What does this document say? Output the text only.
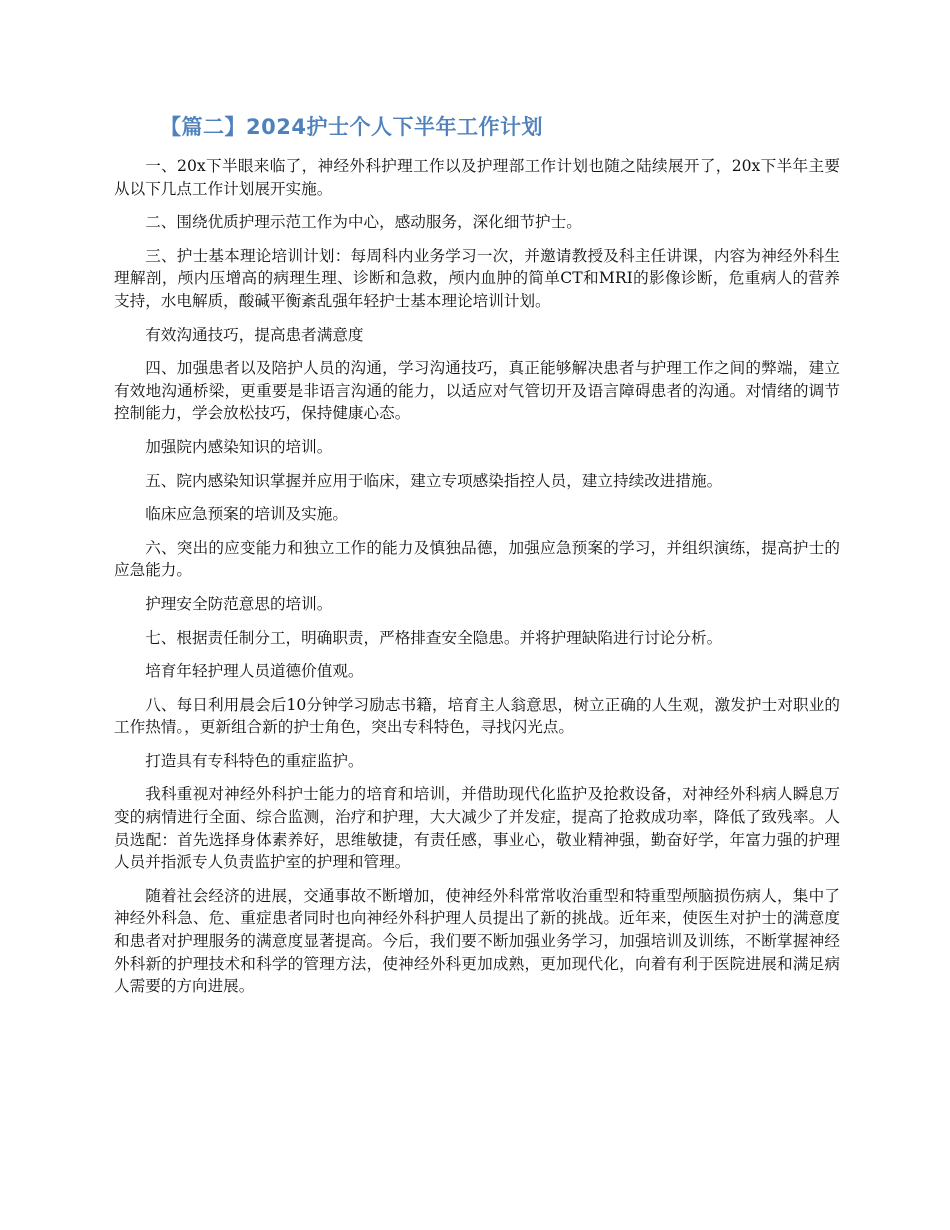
【篇二】2024护士个人下半年工作计划

一、20x下半眼来临了，神经外科护理工作以及护理部工作计划也随之陆续展开了，20x下半年主要从以下几点工作计划展开实施。

二、围绕优质护理示范工作为中心，感动服务，深化细节护士。

三、护士基本理论培训计划：每周科内业务学习一次，并邀请教授及科主任讲课，内容为神经外科生理解剖，颅内压增高的病理生理、诊断和急救，颅内血肿的简单CT和MRI的影像诊断，危重病人的营养支持，水电解质，酸碱平衡紊乱强年轻护士基本理论培训计划。

有效沟通技巧，提高患者满意度

四、加强患者以及陪护人员的沟通，学习沟通技巧，真正能够解决患者与护理工作之间的弊端，建立有效地沟通桥梁，更重要是非语言沟通的能力，以适应对气管切开及语言障碍患者的沟通。对情绪的调节控制能力，学会放松技巧，保持健康心态。

加强院内感染知识的培训。

五、院内感染知识掌握并应用于临床，建立专项感染指控人员，建立持续改进措施。

临床应急预案的培训及实施。

六、突出的应变能力和独立工作的能力及慎独品德，加强应急预案的学习，并组织演练，提高护士的应急能力。

护理安全防范意思的培训。

七、根据责任制分工，明确职责，严格排查安全隐患。并将护理缺陷进行讨论分析。

培育年轻护理人员道德价值观。

八、每日利用晨会后10分钟学习励志书籍，培育主人翁意思，树立正确的人生观，激发护士对职业的工作热情。，更新组合新的护士角色，突出专科特色，寻找闪光点。

打造具有专科特色的重症监护。

我科重视对神经外科护士能力的培育和培训，并借助现代化监护及抢救设备，对神经外科病人瞬息万变的病情进行全面、综合监测，治疗和护理，大大减少了并发症，提高了抢救成功率，降低了致残率。人员选配：首先选择身体素养好，思维敏捷，有责任感，事业心，敬业精神强，勤奋好学，年富力强的护理人员并指派专人负责监护室的护理和管理。

随着社会经济的进展，交通事故不断增加，使神经外科常常收治重型和特重型颅脑损伤病人，集中了神经外科急、危、重症患者同时也向神经外科护理人员提出了新的挑战。近年来，使医生对护士的满意度和患者对护理服务的满意度显著提高。今后，我们要不断加强业务学习，加强培训及训练，不断掌握神经外科新的护理技术和科学的管理方法，使神经外科更加成熟，更加现代化，向着有利于医院进展和满足病人需要的方向进展。
